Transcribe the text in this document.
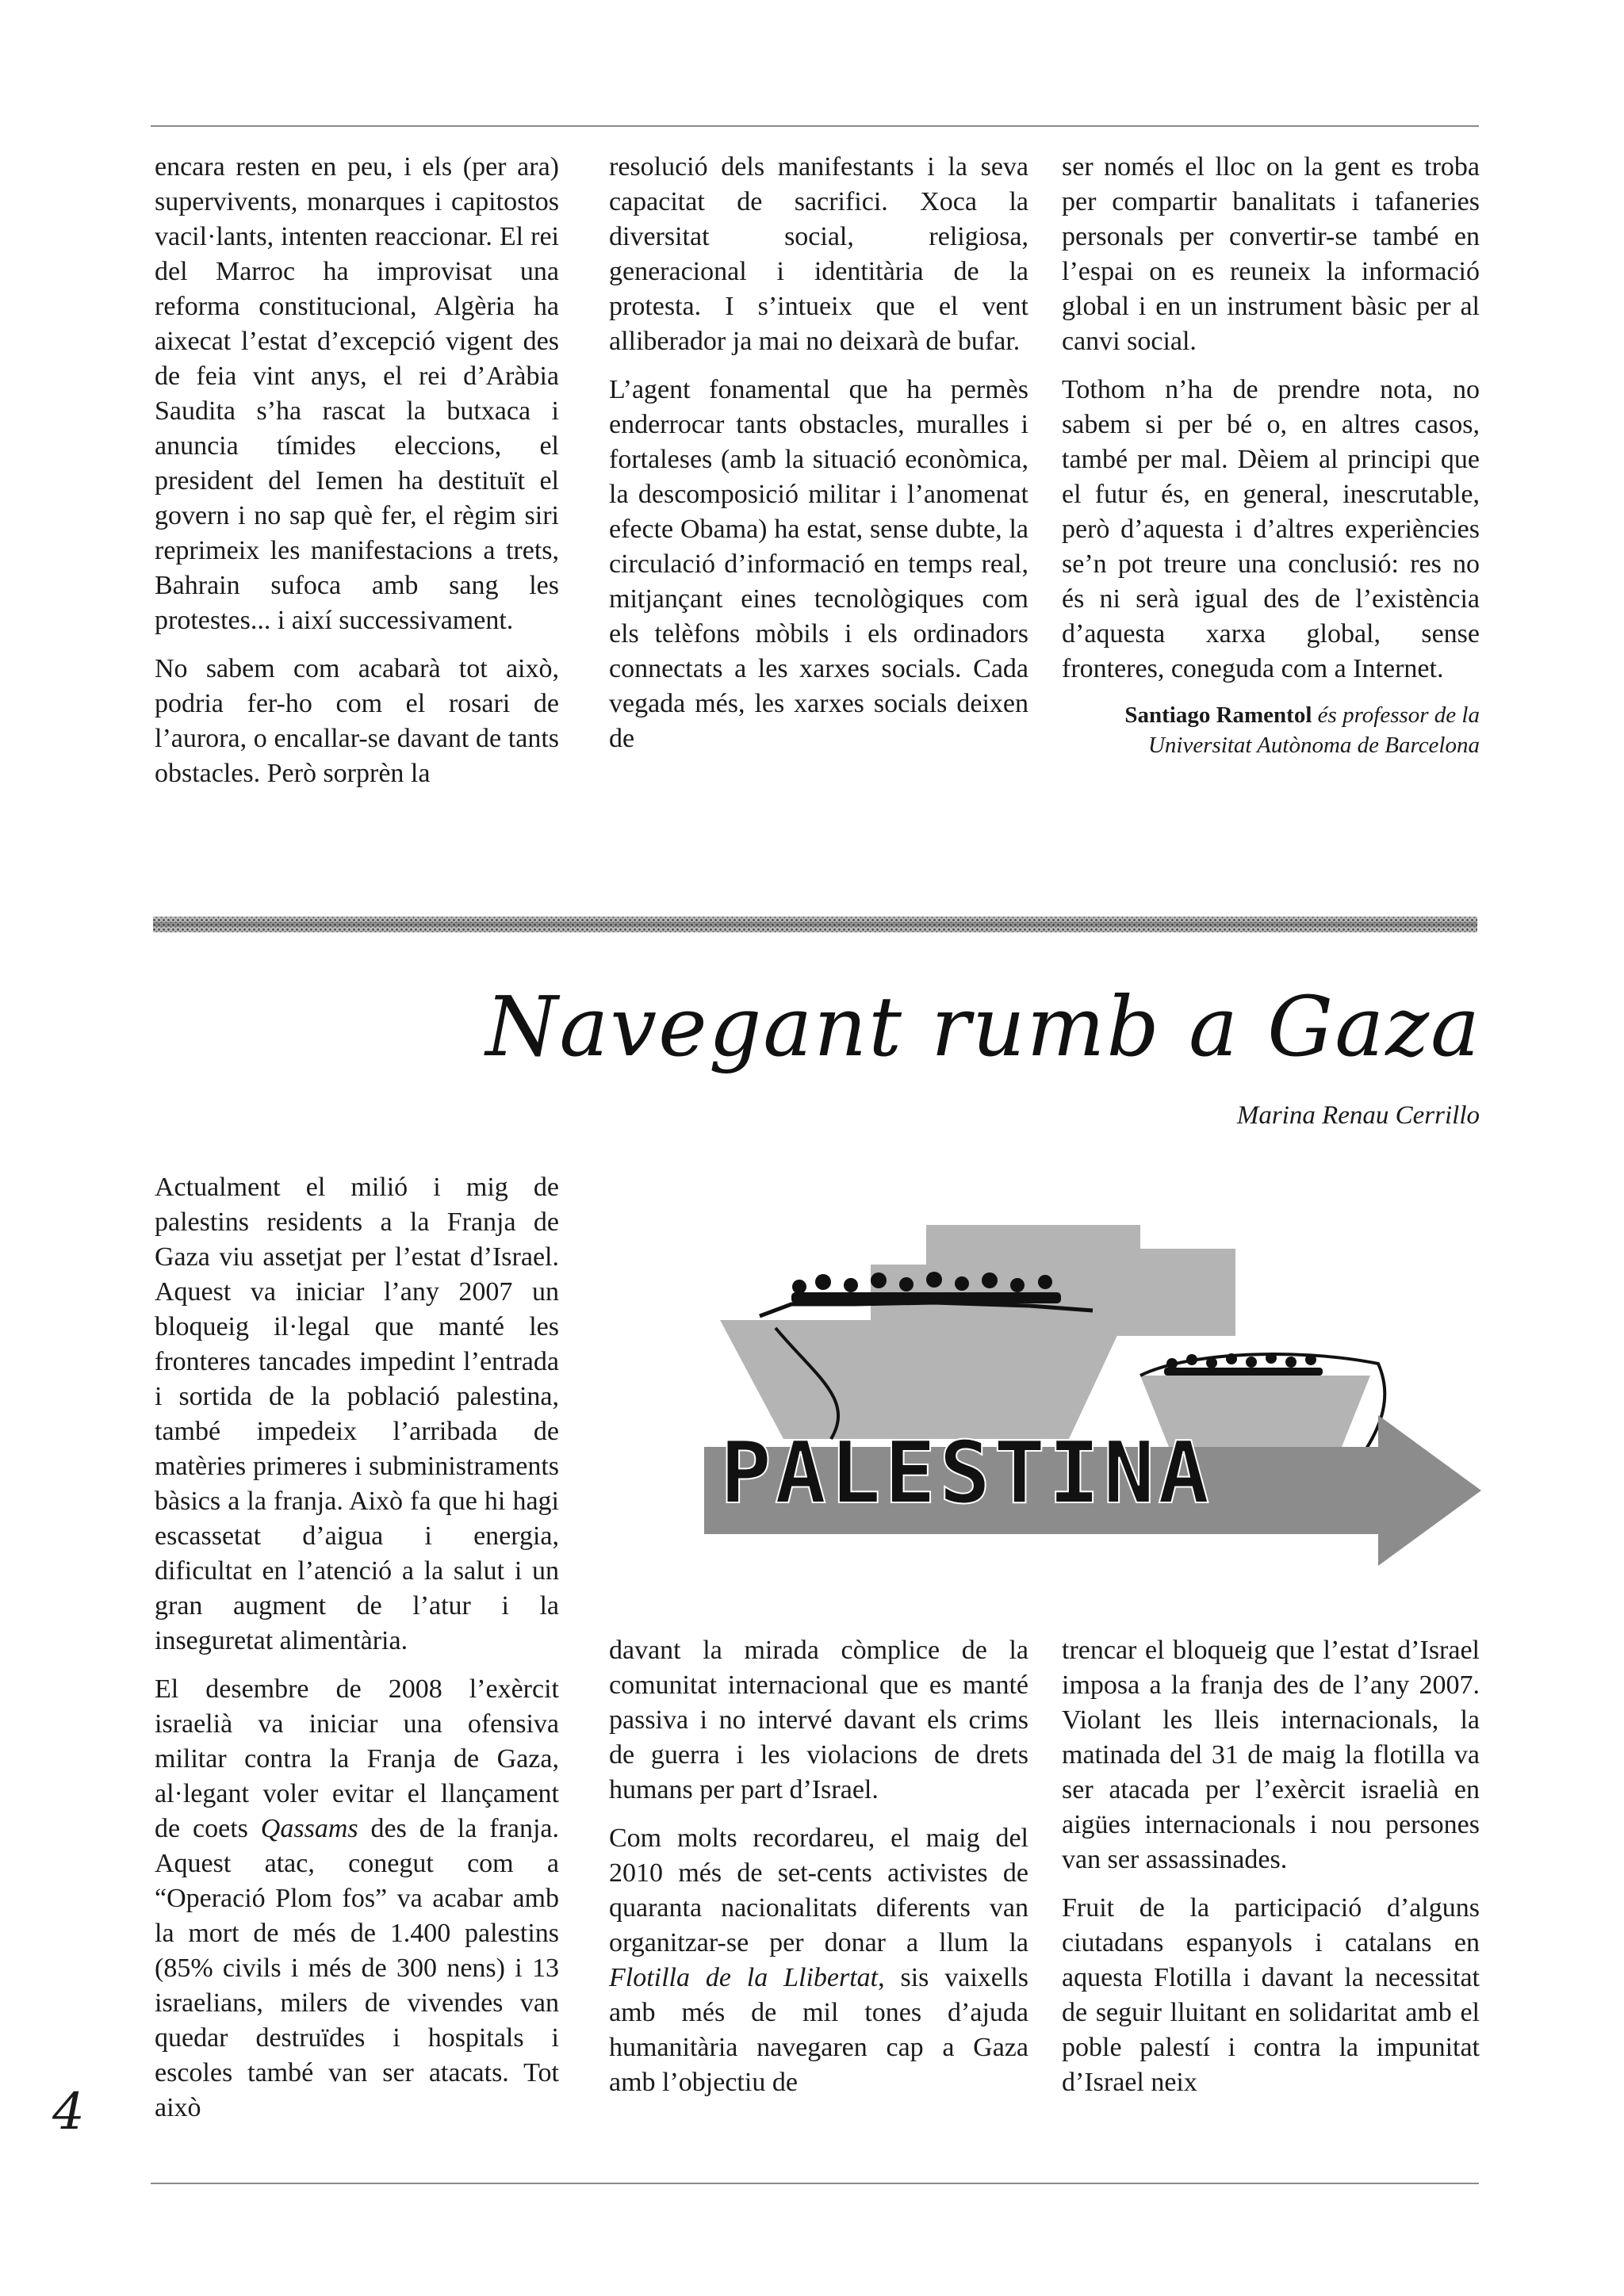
encara resten en peu, i els (per ara) supervivents, monarques i capitostos vacil·lants, intenten reaccionar. El rei del Marroc ha improvisat una reforma constitucional, Algèria ha aixecat l’estat d’excepció vigent des de feia vint anys, el rei d’Aràbia Saudita s’ha rascat la butxaca i anuncia tímides eleccions, el president del Iemen ha destituït el govern i no sap què fer, el règim siri reprimeix les manifestacions a trets, Bahrain sufoca amb sang les protestes... i així successivament.

No sabem com acabarà tot això, podria fer-ho com el rosari de l’aurora, o encallar-se davant de tants obstacles. Però sorprèn la

resolució dels manifestants i la seva capacitat de sacrifici. Xoca la diversitat social, religiosa, generacional i identitària de la protesta. I s’intueix que el vent alliberador ja mai no deixarà de bufar.

L’agent fonamental que ha permès enderrocar tants obstacles, muralles i fortaleses (amb la situació econòmica, la descomposició militar i l’anomenat efecte Obama) ha estat, sense dubte, la circulació d’informació en temps real, mitjançant eines tecnològiques com els telèfons mòbils i els ordinadors connectats a les xarxes socials. Cada vegada més, les xarxes socials deixen de

ser només el lloc on la gent es troba per compartir banalitats i tafaneries personals per convertir-se també en l’espai on es reuneix la informació global i en un instrument bàsic per al canvi social.

Tothom n’ha de prendre nota, no sabem si per bé o, en altres casos, també per mal. Dèiem al principi que el futur és, en general, inescrutable, però d’aquesta i d’altres experiències se’n pot treure una conclusió: res no és ni serà igual des de l’existència d’aquesta xarxa global, sense fronteres, coneguda com a Internet.

Santiago Ramentol és professor de la
Universitat Autònoma de Barcelona
Navegant rumb a Gaza
Marina Renau Cerrillo
PALESTINA

Actualment el milió i mig de palestins residents a la Franja de Gaza viu assetjat per l’estat d’Israel. Aquest va iniciar l’any 2007 un bloqueig il·legal que manté les fronteres tancades impedint l’entrada i sortida de la població palestina, també impedeix l’arribada de matèries primeres i subministraments bàsics a la franja. Això fa que hi hagi escassetat d’aigua i energia, dificultat en l’atenció a la salut i un gran augment de l’atur i la inseguretat alimentària.

El desembre de 2008 l’exèrcit israelià va iniciar una ofensiva militar contra la Franja de Gaza, al·legant voler evitar el llançament de coets Qassams des de la franja. Aquest atac, conegut com a “Operació Plom fos” va acabar amb la mort de més de 1.400 palestins (85% civils i més de 300 nens) i 13 israelians, milers de vivendes van quedar destruïdes i hospitals i escoles també van ser atacats. Tot això

davant la mirada còmplice de la comunitat internacional que es manté passiva i no intervé davant els crims de guerra i les violacions de drets humans per part d’Israel.

Com molts recordareu, el maig del 2010 més de set-cents activistes de quaranta nacionalitats diferents van organitzar-se per donar a llum la Flotilla de la Llibertat, sis vaixells amb més de mil tones d’ajuda humanitària navegaren cap a Gaza amb l’objectiu de

trencar el bloqueig que l’estat d’Israel imposa a la franja des de l’any 2007. Violant les lleis internacionals, la matinada del 31 de maig la flotilla va ser atacada per l’exèrcit israelià en aigües internacionals i nou persones van ser assassinades.

Fruit de la participació d’alguns ciutadans espanyols i catalans en aquesta Flotilla i davant la necessitat de seguir lluitant en solidaritat amb el poble palestí i contra la impunitat d’Israel neix

4
